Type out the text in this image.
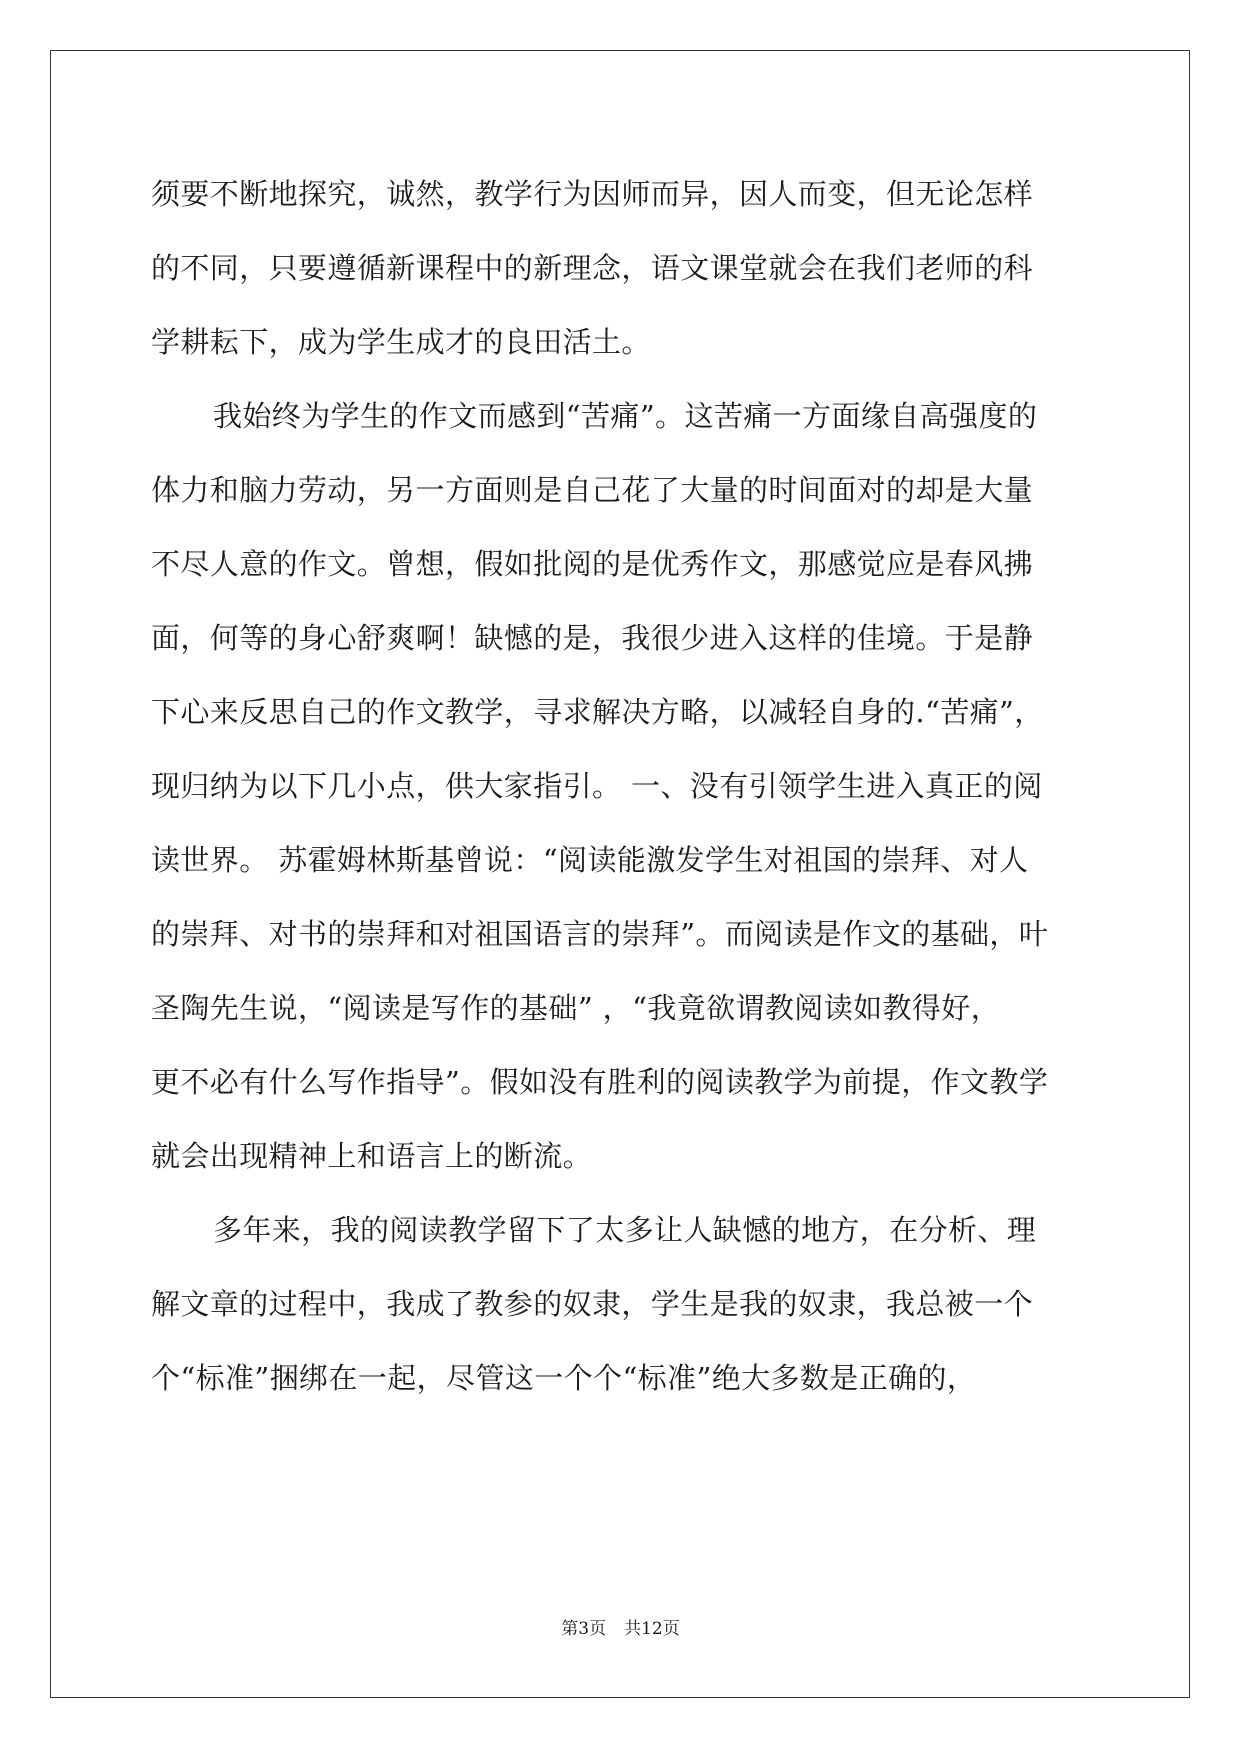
须要不断地探究，诚然，教学行为因师而异，因人而变，但无论怎样
的不同，只要遵循新课程中的新理念，语文课堂就会在我们老师的科
学耕耘下，成为学生成才的良田活土。
我始终为学生的作文而感到“苦痛”。这苦痛一方面缘自高强度的
体力和脑力劳动，另一方面则是自己花了大量的时间面对的却是大量
不尽人意的作文。曾想，假如批阅的是优秀作文，那感觉应是春风拂
面，何等的身心舒爽啊！缺憾的是，我很少进入这样的佳境。于是静
下心来反思自己的作文教学，寻求解决方略，以减轻自身的.“苦痛”，
现归纳为以下几小点，供大家指引。 一、没有引领学生进入真正的阅
读世界。 苏霍姆林斯基曾说：“阅读能激发学生对祖国的崇拜、对人
的崇拜、对书的崇拜和对祖国语言的崇拜”。而阅读是作文的基础，叶
圣陶先生说，“阅读是写作的基础” ，“我竟欲谓教阅读如教得好，
更不必有什么写作指导”。假如没有胜利的阅读教学为前提，作文教学
就会出现精神上和语言上的断流。
多年来，我的阅读教学留下了太多让人缺憾的地方，在分析、理
解文章的过程中，我成了教参的奴隶，学生是我的奴隶，我总被一个
个“标准”捆绑在一起，尽管这一个个“标准”绝大多数是正确的，
第3页 共12页
